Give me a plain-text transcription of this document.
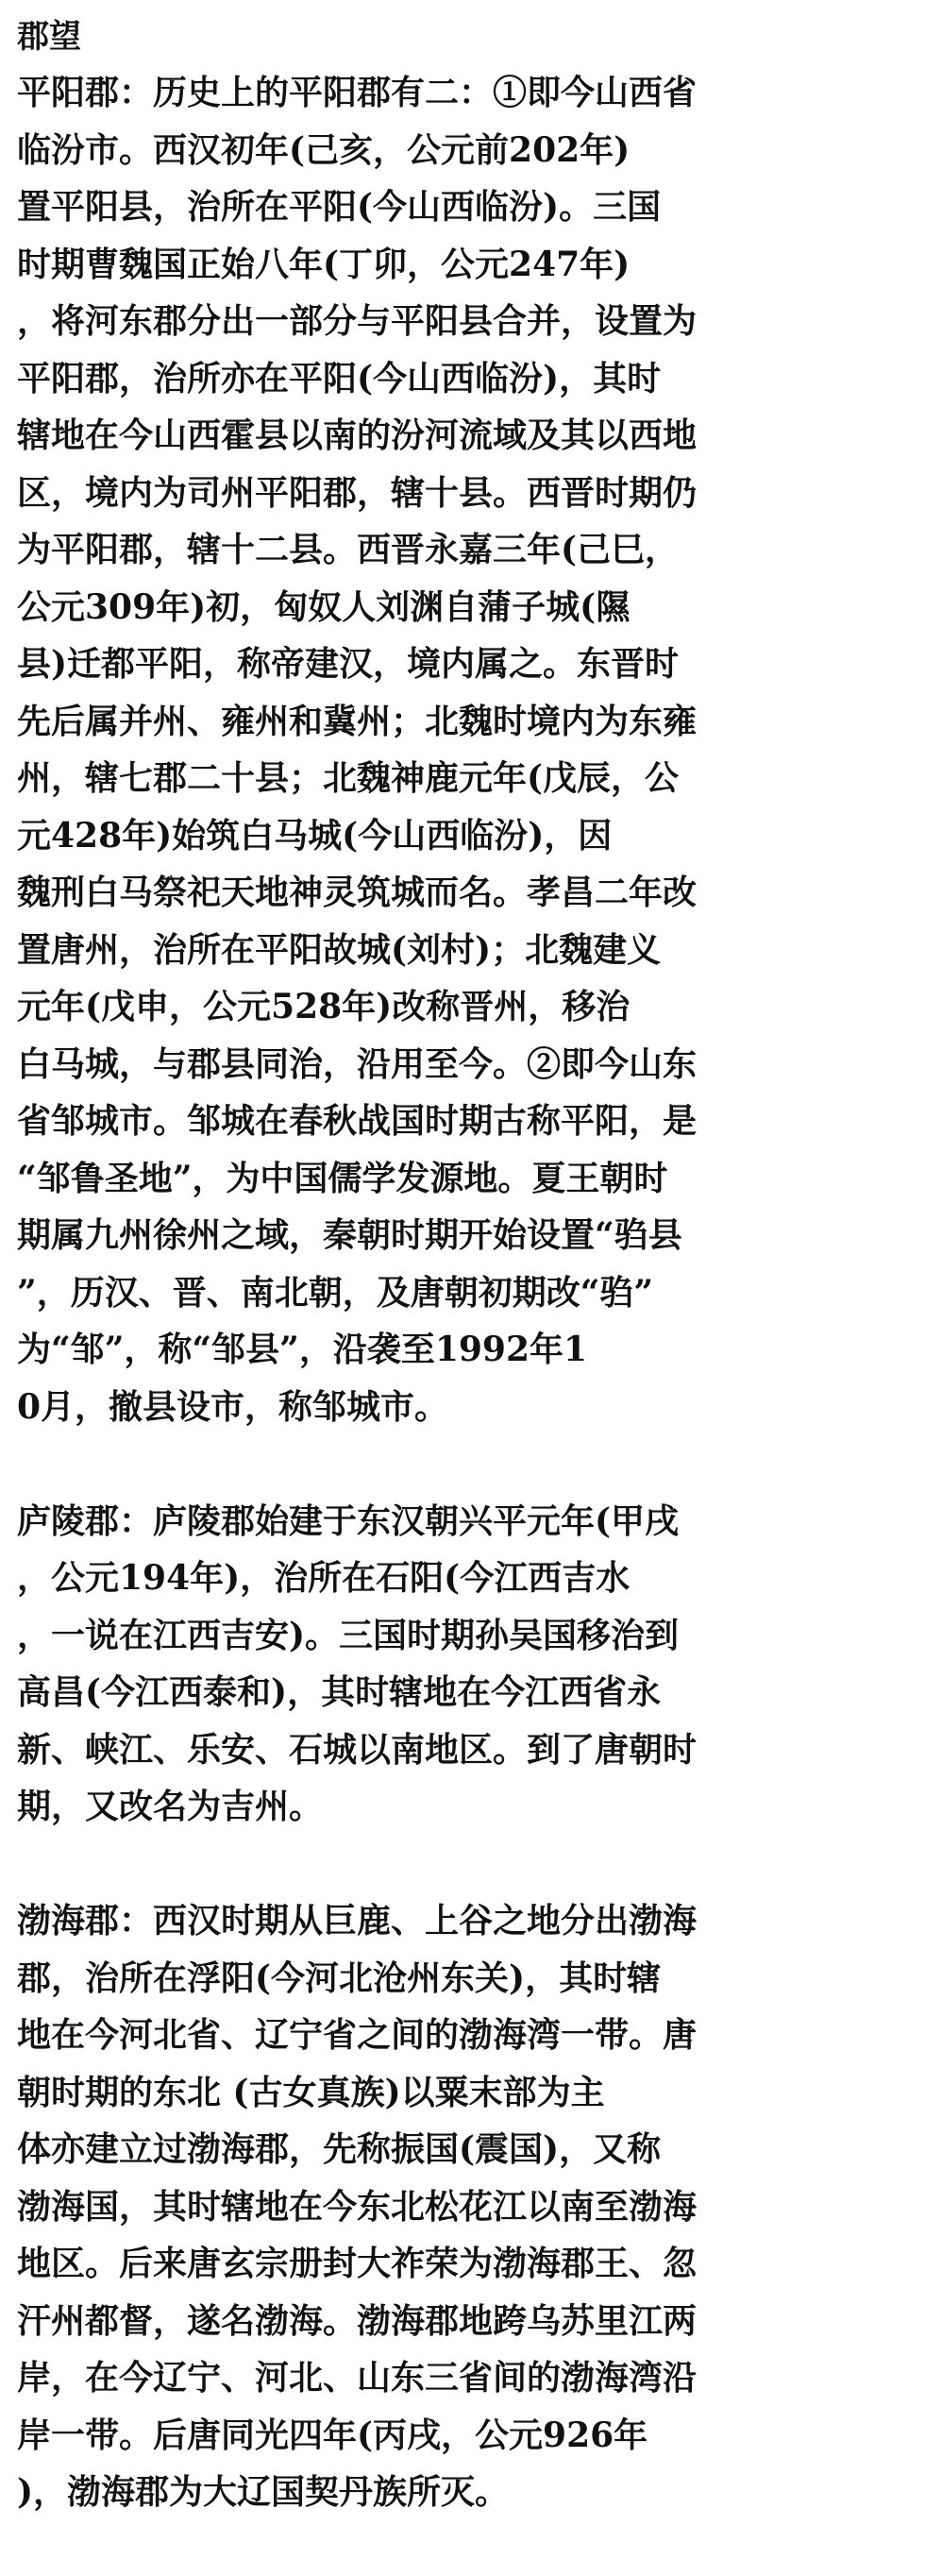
郡望
平阳郡：历史上的平阳郡有二：①即今山西省
临汾市。西汉初年(己亥，公元前202年)
置平阳县，治所在平阳(今山西临汾)。三国
时期曹魏国正始八年(丁卯，公元247年)
，将河东郡分出一部分与平阳县合并，设置为
平阳郡，治所亦在平阳(今山西临汾)，其时
辖地在今山西霍县以南的汾河流域及其以西地
区，境内为司州平阳郡，辖十县。西晋时期仍
为平阳郡，辖十二县。西晋永嘉三年(己巳，
公元309年)初，匈奴人刘渊自蒲子城(隰
县)迁都平阳，称帝建汉，境内属之。东晋时
先后属并州、雍州和冀州；北魏时境内为东雍
州，辖七郡二十县；北魏神鹿元年(戊辰，公
元428年)始筑白马城(今山西临汾)，因
魏刑白马祭祀天地神灵筑城而名。孝昌二年改
置唐州，治所在平阳故城(刘村)；北魏建义
元年(戊申，公元528年)改称晋州，移治
白马城，与郡县同治，沿用至今。②即今山东
省邹城市。邹城在春秋战国时期古称平阳，是
“邹鲁圣地”，为中国儒学发源地。夏王朝时
期属九州徐州之域，秦朝时期开始设置“驺县
”，历汉、晋、南北朝，及唐朝初期改“驺”
为“邹”，称“邹县”，沿袭至1992年1
0月，撤县设市，称邹城市。
庐陵郡：庐陵郡始建于东汉朝兴平元年(甲戌
，公元194年)，治所在石阳(今江西吉水
，一说在江西吉安)。三国时期孙吴国移治到
高昌(今江西泰和)，其时辖地在今江西省永
新、峡江、乐安、石城以南地区。到了唐朝时
期，又改名为吉州。
渤海郡：西汉时期从巨鹿、上谷之地分出渤海
郡，治所在浮阳(今河北沧州东关)，其时辖
地在今河北省、辽宁省之间的渤海湾一带。唐
朝时期的东北 (古女真族)以粟末部为主
体亦建立过渤海郡，先称振国(震国)，又称
渤海国，其时辖地在今东北松花江以南至渤海
地区。后来唐玄宗册封大祚荣为渤海郡王、忽
汗州都督，遂名渤海。渤海郡地跨乌苏里江两
岸，在今辽宁、河北、山东三省间的渤海湾沿
岸一带。后唐同光四年(丙戌，公元926年
)，渤海郡为大辽国契丹族所灭。
